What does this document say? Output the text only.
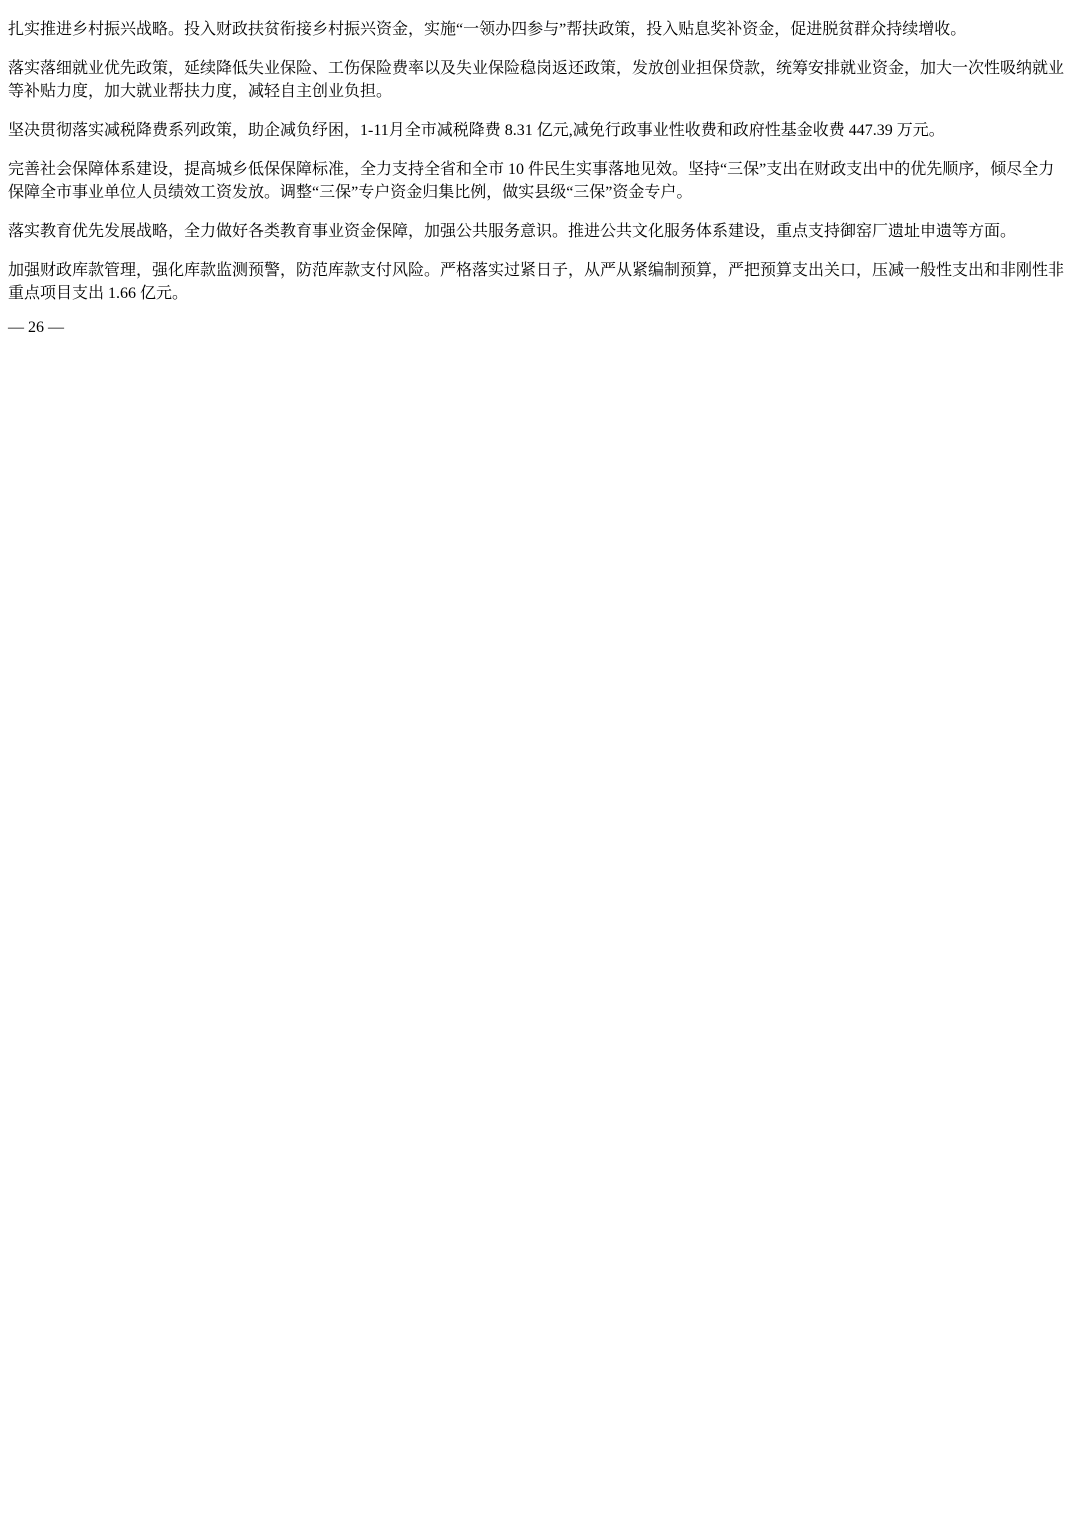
扎实推进乡村振兴战略。投入财政扶贫衔接乡村振兴资金，实施“一领办四参与”帮扶政策，投入贴息奖补资金，促进脱贫群众持续增收。

落实落细就业优先政策，延续降低失业保险、工伤保险费率以及失业保险稳岗返还政策，发放创业担保贷款，统筹安排就业资金，加大一次性吸纳就业等补贴力度，加大就业帮扶力度，减轻自主创业负担。

坚决贯彻落实减税降费系列政策，助企减负纾困，1-11月全市减税降费 8.31 亿元,减免行政事业性收费和政府性基金收费 447.39 万元。

完善社会保障体系建设，提高城乡低保保障标准，全力支持全省和全市 10 件民生实事落地见效。坚持“三保”支出在财政支出中的优先顺序，倾尽全力保障全市事业单位人员绩效工资发放。调整“三保”专户资金归集比例，做实县级“三保”资金专户。

落实教育优先发展战略，全力做好各类教育事业资金保障，加强公共服务意识。推进公共文化服务体系建设，重点支持御窑厂遗址申遗等方面。

加强财政库款管理，强化库款监测预警，防范库款支付风险。严格落实过紧日子，从严从紧编制预算，严把预算支出关口，压减一般性支出和非刚性非重点项目支出 1.66 亿元。

— 26 —
